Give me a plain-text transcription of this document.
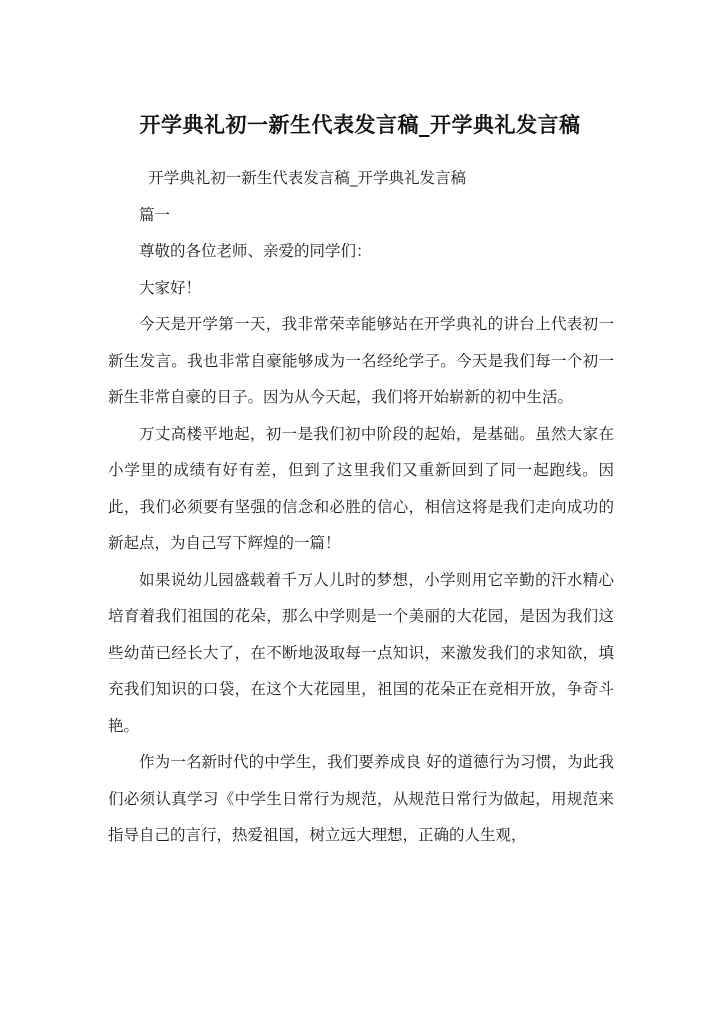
开学典礼初一新生代表发言稿_开学典礼发言稿

开学典礼初一新生代表发言稿_开学典礼发言稿

篇一

尊敬的各位老师、亲爱的同学们：

大家好！

今天是开学第一天，我非常荣幸能够站在开学典礼的讲台上代表初一新生发言。我也非常自豪能够成为一名经纶学子。今天是我们每一个初一新生非常自豪的日子。因为从今天起，我们将开始崭新的初中生活。

万丈高楼平地起，初一是我们初中阶段的起始，是基础。虽然大家在小学里的成绩有好有差，但到了这里我们又重新回到了同一起跑线。因此，我们必须要有坚强的信念和必胜的信心，相信这将是我们走向成功的新起点，为自己写下辉煌的一篇！

如果说幼儿园盛载着千万人儿时的梦想，小学则用它辛勤的汗水精心培育着我们祖国的花朵，那么中学则是一个美丽的大花园，是因为我们这些幼苗已经长大了，在不断地汲取每一点知识，来激发我们的求知欲，填充我们知识的口袋，在这个大花园里，祖国的花朵正在竞相开放，争奇斗艳。

作为一名新时代的中学生，我们要养成良 好的道德行为习惯，为此我们必须认真学习《中学生日常行为规范，从规范日常行为做起，用规范来指导自己的言行，热爱祖国，树立远大理想，正确的人生观，
